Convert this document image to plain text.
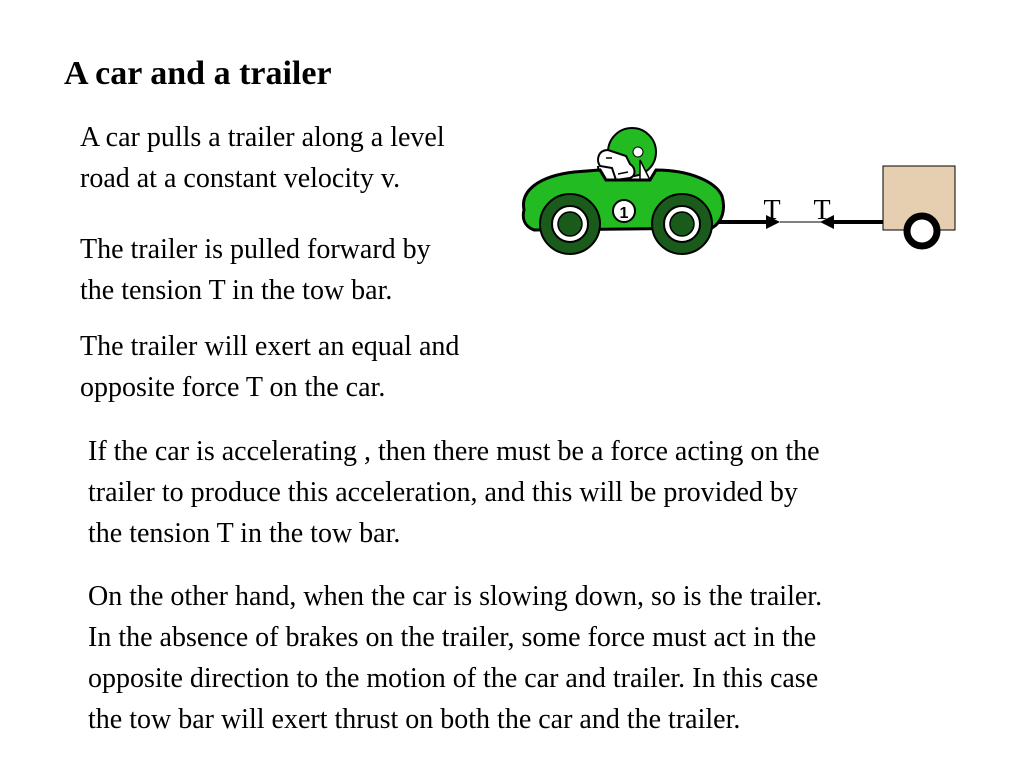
A car and a trailer

A car pulls a trailer along a level
road at a constant velocity v.

The trailer is pulled forward by
the tension T in the tow bar.

The trailer will exert an equal and
opposite force T on the car.

If the car is accelerating , then there must be a force acting on the
trailer to produce this acceleration, and this will be provided by
the tension T in the tow bar.

On the other hand, when the car is slowing down, so is the trailer.
In the absence of brakes on the trailer, some force must act in the
opposite direction to the motion of the car and trailer. In this case
the tow bar will exert thrust on both the car and the trailer.

1	T T
